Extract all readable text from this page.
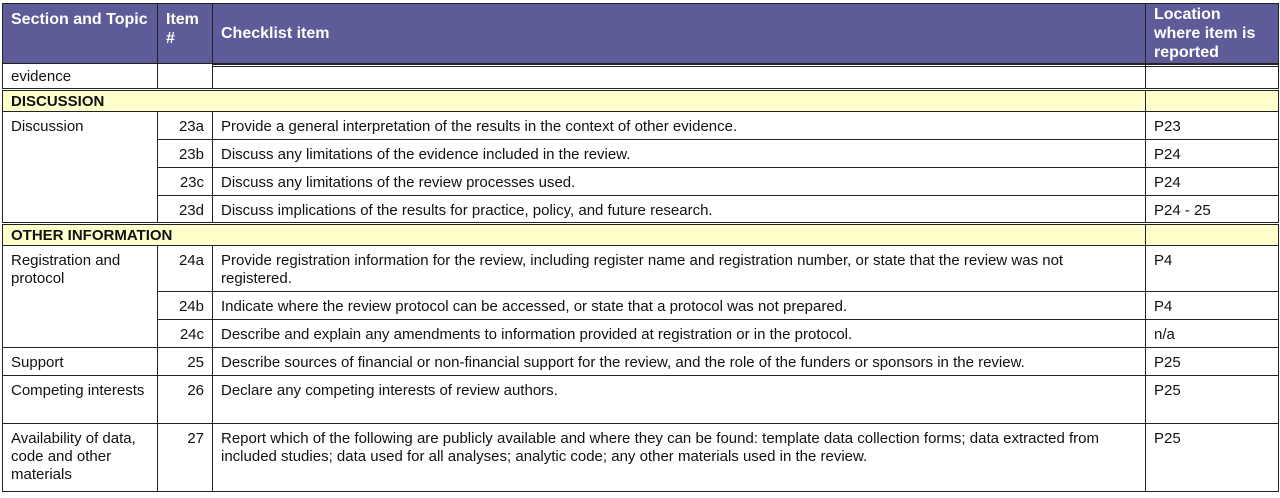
Section and Topic	Item #	Checklist item	Location where item is reported
evidence		

DISCUSSION			
Discussion	23a	Provide a general interpretation of the results in the context of other evidence.	P23
	23b	Discuss any limitations of the evidence included in the review.	P24
	23c	Discuss any limitations of the review processes used.	P24
	23d	Discuss implications of the results for practice, policy, and future research.	P24 - 25
OTHER INFORMATION			
Registration and protocol	24a	Provide registration information for the review, including register name and registration number, or state that the review was not registered.	P4
	24b	Indicate where the review protocol can be accessed, or state that a protocol was not prepared.	P4
	24c	Describe and explain any amendments to information provided at registration or in the protocol.	n/a
Support	25	Describe sources of financial or non-financial support for the review, and the role of the funders or sponsors in the review.	P25
Competing interests	26	Declare any competing interests of review authors.	P25
Availability of data, code and other materials	27	Report which of the following are publicly available and where they can be found: template data collection forms; data extracted from included studies; data used for all analyses; analytic code; any other materials used in the review.	P25
